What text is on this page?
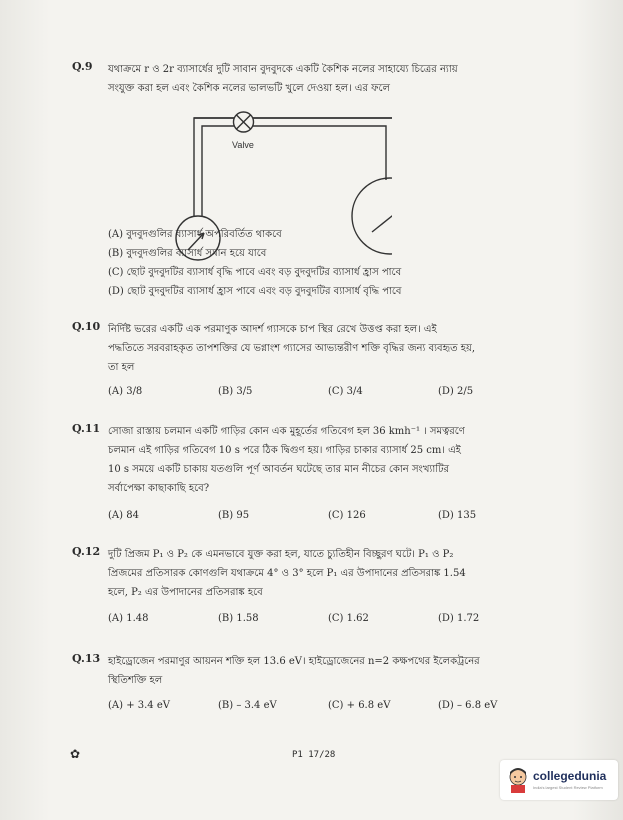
Q.9 যথাক্রমে r ও 2r ব্যাসার্ধের দুটি সাবান বুদবুদকে একটি কৈশিক নলের সাহায্যে চিত্রের ন্যায়
সংযুক্ত করা হল এবং কৈশিক নলের ভালভটি খুলে দেওয়া হল। এর ফলে
Valve
(A) বুদবুদগুলির ব্যাসার্ধ অপরিবর্তিত থাকবে
(B) বুদবুদগুলির ব্যাসার্ধ সমান হয়ে যাবে
(C) ছোট বুদবুদটির ব্যাসার্ধ বৃদ্ধি পাবে এবং বড় বুদবুদটির ব্যাসার্ধ হ্রাস পাবে
(D) ছোট বুদবুদটির ব্যাসার্ধ হ্রাস পাবে এবং বড় বুদবুদটির ব্যাসার্ধ বৃদ্ধি পাবে
Q.10 নির্দিষ্ট ভরের একটি এক পরমাণুক আদর্শ গ্যাসকে চাপ স্থির রেখে উত্তপ্ত করা হল। এই
পদ্ধতিতে সরবরাহকৃত তাপশক্তির যে ভগ্নাংশ গ্যাসের আভ্যন্তরীণ শক্তি বৃদ্ধির জন্য ব্যবহৃত হয়,
তা হল
(A) 3/8	(B) 3/5	(C) 3/4	(D) 2/5
Q.11 সোজা রাস্তায় চলমান একটি গাড়ির কোন এক মুহূর্তের গতিবেগ হল 36 kmh⁻¹ । সমত্বরণে
চলমান এই গাড়ির গতিবেগ 10 s পরে ঠিক দ্বিগুণ হয়। গাড়ির চাকার ব্যাসার্ধ 25 cm। এই
10 s সময়ে একটি চাকায় যতগুলি পূর্ণ আবর্তন ঘটেছে তার মান নীচের কোন সংখ্যাটির
সর্বাপেক্ষা কাছাকাছি হবে?
(A) 84	(B) 95	(C) 126	(D) 135
Q.12 দুটি প্রিজম P₁ ও P₂ কে এমনভাবে যুক্ত করা হল, যাতে চ্যুতিহীন বিচ্ছুরণ ঘটে। P₁ ও P₂
প্রিজমের প্রতিসারক কোণগুলি যথাক্রমে 4° ও 3° হলে P₁ এর উপাদানের প্রতিসরাঙ্ক 1.54
হলে, P₂ এর উপাদানের প্রতিসরাঙ্ক হবে
(A) 1.48	(B) 1.58	(C) 1.62	(D) 1.72
Q.13 হাইড্রোজেন পরমাণুর আয়নন শক্তি হল 13.6 eV। হাইড্রোজেনের n=2 কক্ষপথের ইলেকট্রনের
স্থিতিশক্তি হল
(A) + 3.4 eV	(B) – 3.4 eV	(C) + 6.8 eV	(D) – 6.8 eV
✿	P1 17/28
collegedunia
India's largest Student Review Platform
